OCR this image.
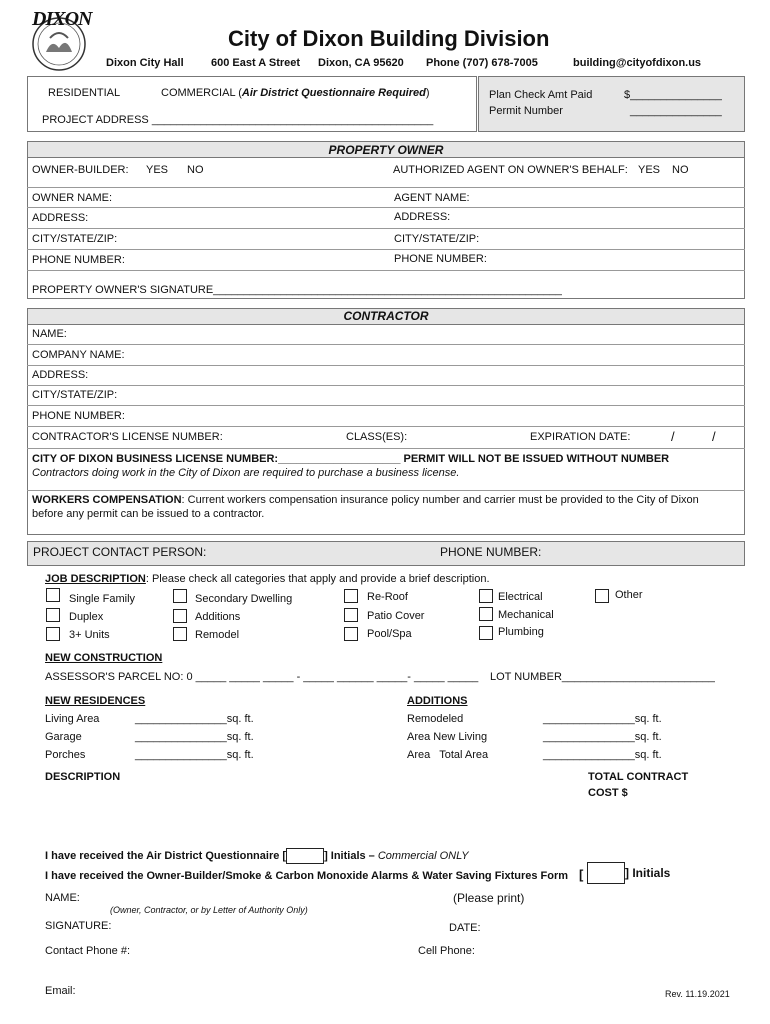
DIXON
City of Dixon Building Division
Dixon City Hall 600 East A Street Dixon, CA 95620 Phone (707) 678-7005	building@cityofdixon.us
RESIDENTIAL	COMMERCIAL (Air District Questionnaire Required)
PROJECT ADDRESS ______________________________________________
Plan Check Amt Paid	$_______________
Permit Number	_______________
PROPERTY OWNER
OWNER-BUILDER: YES NO	AUTHORIZED AGENT ON OWNER'S BEHALF: YES NO
OWNER NAME:	AGENT NAME:
ADDRESS:	ADDRESS:
CITY/STATE/ZIP:	CITY/STATE/ZIP:
PHONE NUMBER:	PHONE NUMBER:
PROPERTY OWNER'S SIGNATURE_________________________________________________________
CONTRACTOR
NAME:
COMPANY NAME:
ADDRESS:
CITY/STATE/ZIP:
PHONE NUMBER:
CONTRACTOR'S LICENSE NUMBER:	CLASS(ES):	EXPIRATION DATE:	/	/
CITY OF DIXON BUSINESS LICENSE NUMBER:____________________ PERMIT WILL NOT BE ISSUED WITHOUT NUMBER
Contractors doing work in the City of Dixon are required to purchase a business license.
WORKERS COMPENSATION: Current workers compensation insurance policy number and carrier must be provided to the City of Dixon
before any permit can be issued to a contractor.
PROJECT CONTACT PERSON:	PHONE NUMBER:
JOB DESCRIPTION: Please check all categories that apply and provide a brief description.
Single Family
Duplex
3+ Units
Secondary Dwelling
Additions
Remodel
Re-Roof
Patio Cover
Pool/Spa
Electrical
Mechanical
Plumbing
Other
NEW CONSTRUCTION
ASSESSOR'S PARCEL NO: 0 _____ _____ _____ - _____ ______ _____- _____ _____ LOT NUMBER_________________________
NEW RESIDENCES
Living Area	_______________sq. ft.
Garage	_______________sq. ft.
Porches	_______________sq. ft.
ADDITIONS
Remodeled	_______________sq. ft.
Area New Living	_______________sq. ft.
Area   Total Area	_______________sq. ft.
DESCRIPTION	TOTAL CONTRACT
COST $
I have received the Air District Questionnaire [	] Initials – Commercial ONLY
I have received the Owner-Builder/Smoke & Carbon Monoxide Alarms & Water Saving Fixtures Form [	] Initials
NAME:	(Please print)
(Owner, Contractor, or by Letter of Authority Only)
SIGNATURE:	DATE:
Contact Phone #:	Cell Phone:
Email:	Rev. 11.19.2021
